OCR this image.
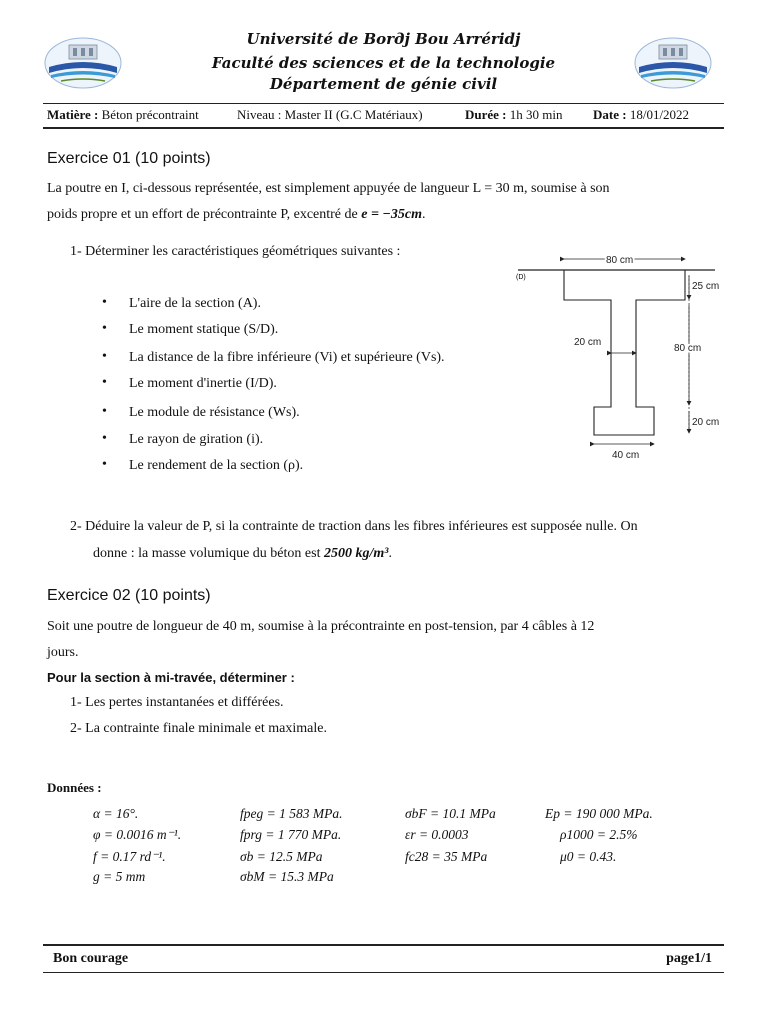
Université de Borдj Bou Arréridj
Faculté des sciences et de la technologie
Département de génie civil
Matière : Béton précontraint	Niveau : Master II (G.C Matériaux)	Durée : 1h 30 min Date : 18/01/2022
Exercice 01 (10 points)
La poutre en I, ci-dessous représentée, est simplement appuyée de langueur L = 30 m, soumise à son
poids propre et un effort de précontrainte P, excentré de e = −35cm.
1- Déterminer les caractéristiques géométriques suivantes :
L'aire de la section (A).
Le moment statique (S/D).
La distance de la fibre inférieure (Vi) et supérieure (Vs).
Le moment d'inertie (I/D).
Le module de résistance (Ws).
Le rayon de giration (i).
Le rendement de la section (ρ).
(D)
80 cm
20 cm
25 cm
80 cm
20 cm
40 cm
2- Déduire la valeur de P, si la contrainte de traction dans les fibres inférieures est supposée nulle. On
donne : la masse volumique du béton est 2500 kg/m³.
Exercice 02 (10 points)
Soit une poutre de longueur de 40 m, soumise à la précontrainte en post-tension, par 4 câbles à 12
jours.
Pour la section à mi-travée, déterminer :
1- Les pertes instantanées et différées.
2- La contrainte finale minimale et maximale.
Données :
α = 16°.	fpeg = 1 583 MPa.	σbF = 10.1 MPa	Ep = 190 000 MPa.
φ = 0.0016 m⁻¹.	fprg = 1 770 MPa.	εr = 0.0003	ρ1000 = 2.5%
f = 0.17 rd⁻¹.	σb = 12.5 MPa	fc28 = 35 MPa	μ0 = 0.43.
g = 5 mm	σbM = 15.3 MPa
Bon courage	page1/1
